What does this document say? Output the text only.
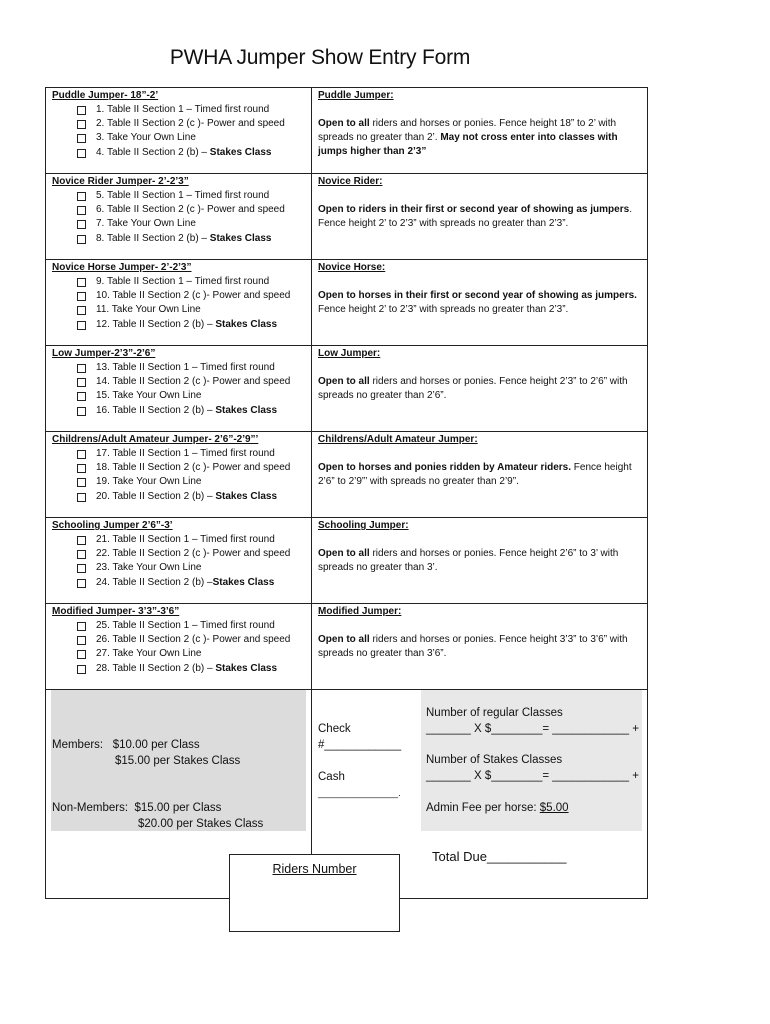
PWHA Jumper Show Entry Form
Puddle Jumper- 18”-2’
1. Table II Section 1 – Timed first round
2. Table II Section 2 (c )- Power and speed
3. Take Your Own Line
4. Table II Section 2 (b) – Stakes Class
Puddle Jumper:
Open to all riders and horses or ponies. Fence height 18” to 2’ with spreads no greater than 2’. May not cross enter into classes with jumps higher than 2’3”
Novice Rider Jumper- 2’-2’3”
5. Table II Section 1 – Timed first round
6. Table II Section 2 (c )- Power and speed
7. Take Your Own Line
8. Table II Section 2 (b) – Stakes Class
Novice Rider:
Open to riders in their first or second year of showing as jumpers. Fence height 2’ to 2’3” with spreads no greater than 2’3”.
Novice Horse Jumper- 2’-2’3”
9. Table II Section 1 – Timed first round
10. Table II Section 2 (c )- Power and speed
11. Take Your Own Line
12. Table II Section 2 (b) – Stakes Class
Novice Horse:
Open to horses in their first or second year of showing as jumpers. Fence height 2’ to 2’3” with spreads no greater than 2’3”.
Low Jumper-2’3”-2’6”
13. Table II Section 1 – Timed first round
14. Table II Section 2 (c )- Power and speed
15. Take Your Own Line
16. Table II Section 2 (b) – Stakes Class
Low Jumper:
Open to all riders and horses or ponies. Fence height 2’3” to 2’6” with spreads no greater than 2’6”.
Childrens/Adult Amateur Jumper- 2’6”-2’9”’
17. Table II Section 1 – Timed first round
18. Table II Section 2 (c )- Power and speed
19. Take Your Own Line
20. Table II Section 2 (b) – Stakes Class
Childrens/Adult Amateur Jumper:
Open to horses and ponies ridden by Amateur riders. Fence height 2’6” to 2’9”’ with spreads no greater than 2’9”.
Schooling Jumper 2’6”-3’
21. Table II Section 1 – Timed first round
22. Table II Section 2 (c )- Power and speed
23. Take Your Own Line
24. Table II Section 2 (b) –Stakes Class
Schooling Jumper:
Open to all riders and horses or ponies. Fence height 2’6” to 3’ with spreads no greater than 3’.
Modified Jumper- 3’3”-3’6”
25. Table II Section 1 – Timed first round
26. Table II Section 2 (c )- Power and speed
27. Take Your Own Line
28. Table II Section 2 (b) – Stakes Class
Modified Jumper:
Open to all riders and horses or ponies. Fence height 3’3” to 3’6” with spreads no greater than 3’6”.
Members: $10.00 per Class
$15.00 per Stakes Class
Non-Members: $15.00 per Class
$20.00 per Stakes Class
Check
#____________
Cash
________________.
Number of regular Classes
_______ X $________= ____________ +
Number of Stakes Classes
_______ X $________= ____________ +
Admin Fee per horse: $5.00
Total Due___________
Riders Number
